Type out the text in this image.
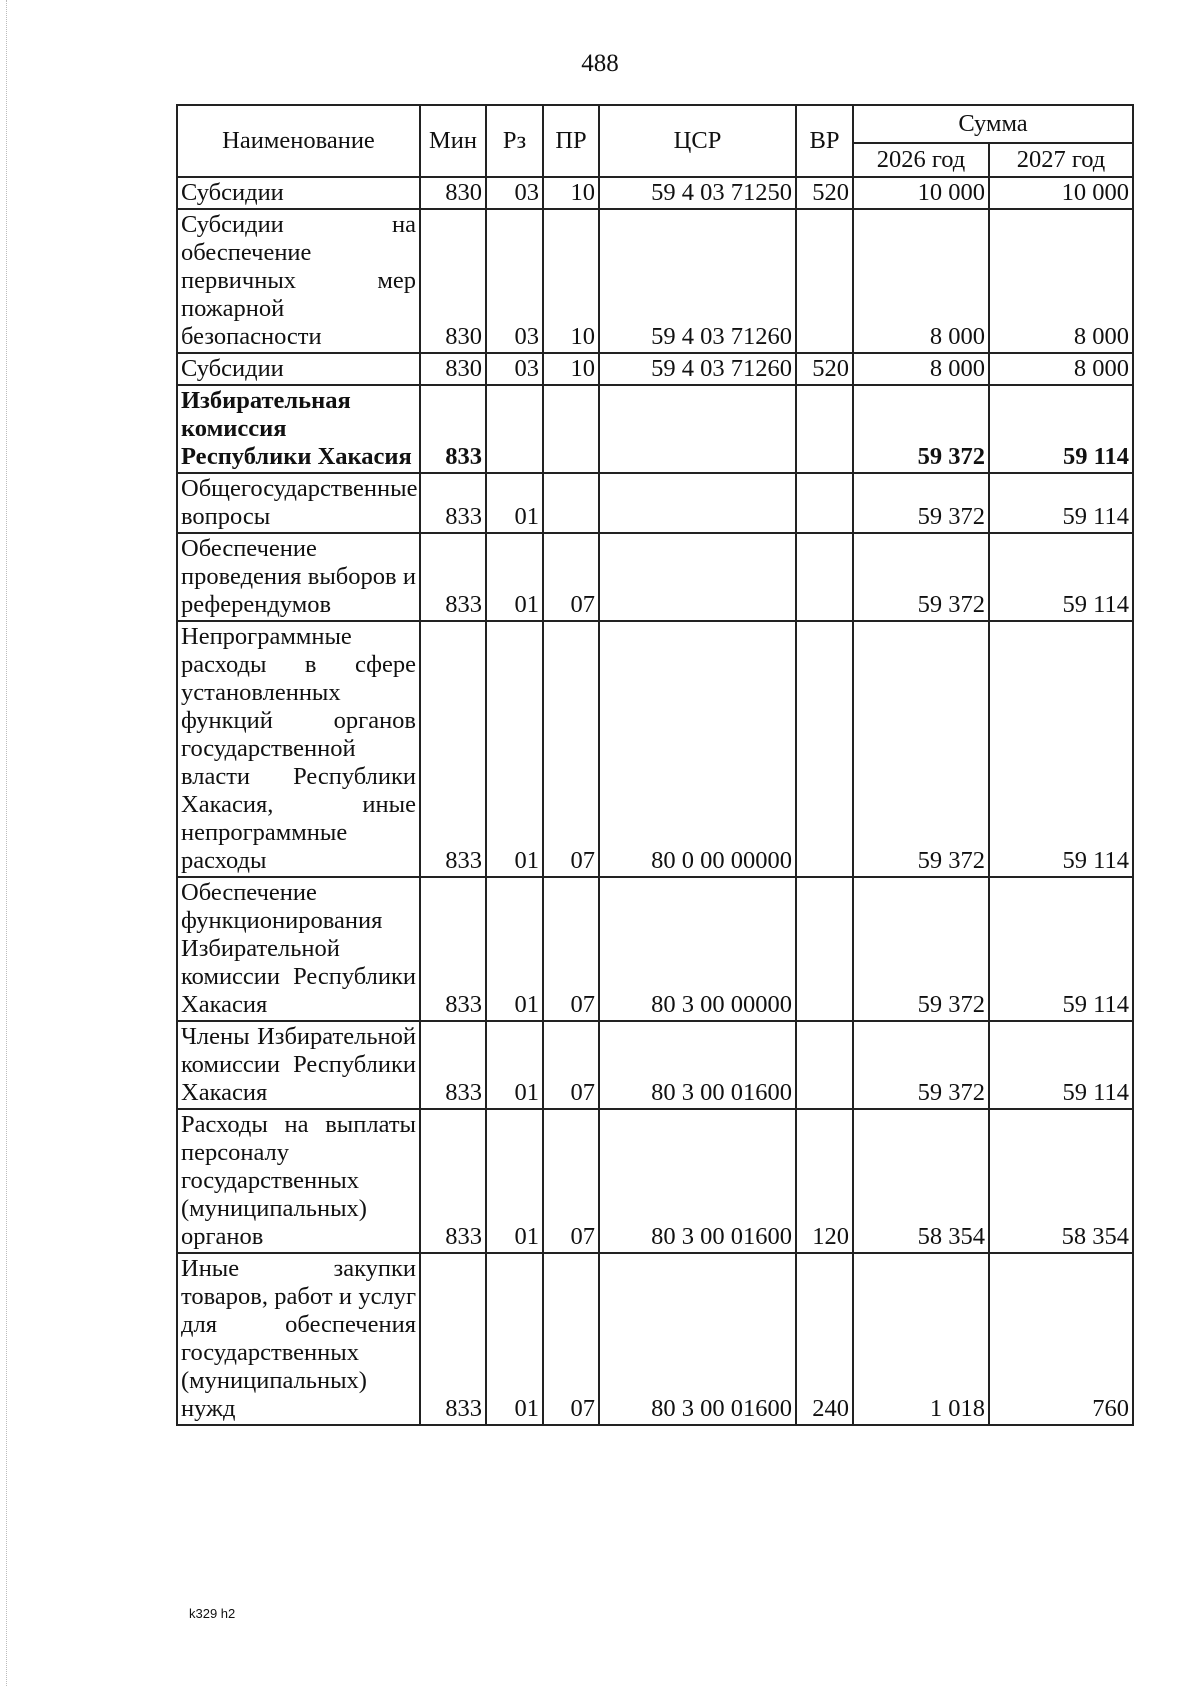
488
Наименование	Мин	Рз	ПР	ЦСР	ВР	Сумма	
						2026 год	2027 год
Субсидии	830	03	10	59 4 03 71250	520	10 000	10 000
Субсидии на обеспечение первичных мер пожарной безопасности	830	03	10	59 4 03 71260		8 000	8 000
Субсидии	830	03	10	59 4 03 71260	520	8 000	8 000
Избирательная комиссия Республики Хакасия	833					59 372	59 114
Общегосударственные вопросы	833	01				59 372	59 114
Обеспечение проведения выборов и референдумов	833	01	07			59 372	59 114
Непрограммные расходы в сфере установленных функций органов государственной власти Республики Хакасия, иные непрограммные расходы	833	01	07	80 0 00 00000		59 372	59 114
Обеспечение функционирования Избирательной комиссии Республики Хакасия	833	01	07	80 3 00 00000		59 372	59 114
Члены Избирательной комиссии Республики Хакасия	833	01	07	80 3 00 01600		59 372	59 114
Расходы на выплаты персоналу государственных (муниципальных) органов	833	01	07	80 3 00 01600	120	58 354	58 354
Иные закупки товаров, работ и услуг для обеспечения государственных (муниципальных) нужд	833	01	07	80 3 00 01600	240	1 018	760
k329 h2
